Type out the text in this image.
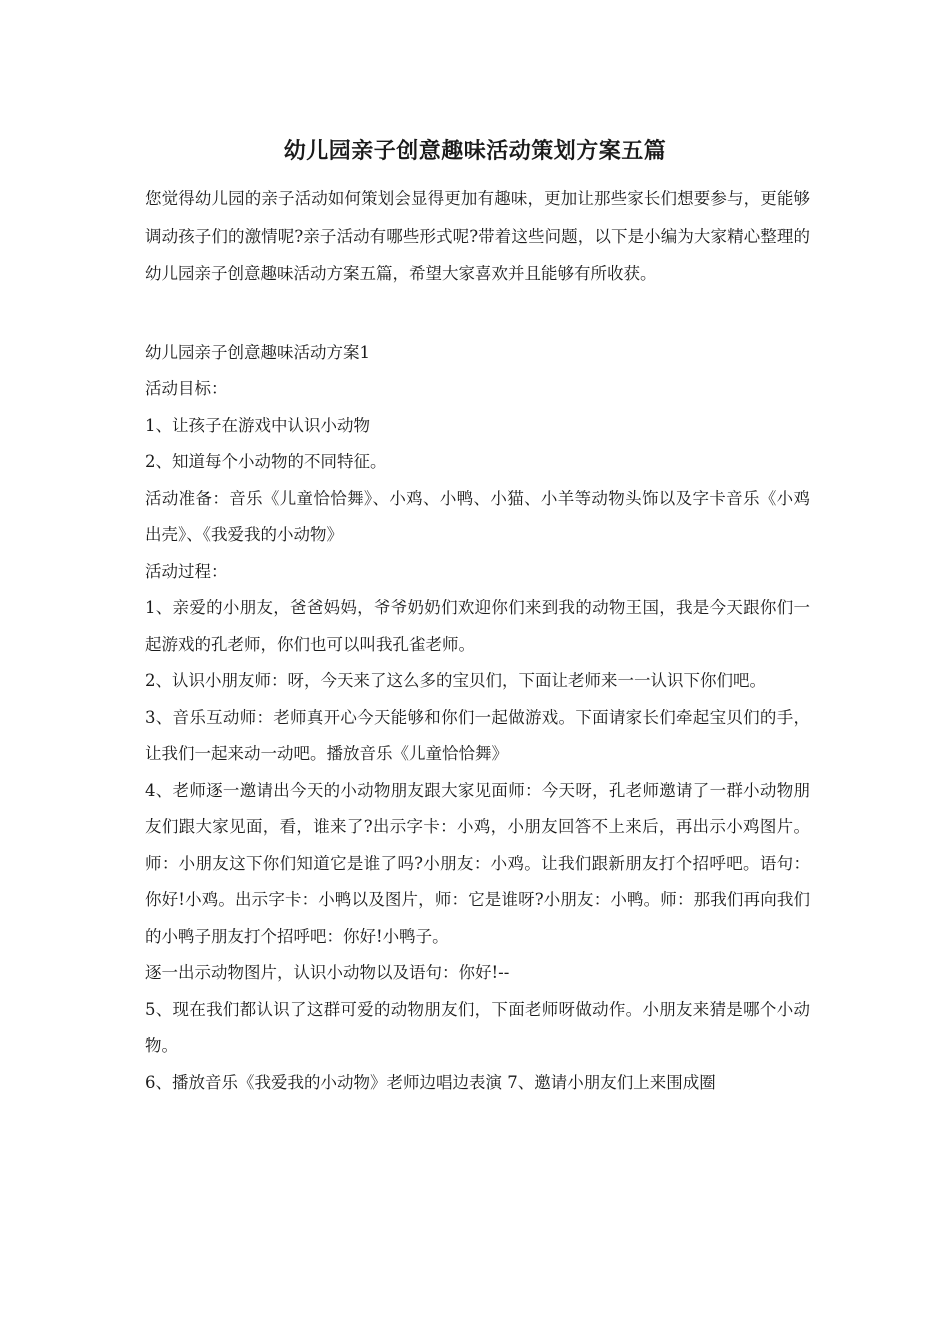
幼儿园亲子创意趣味活动策划方案五篇

您觉得幼儿园的亲子活动如何策划会显得更加有趣味，更加让那些家长们想要参与，更能够调动孩子们的激情呢?亲子活动有哪些形式呢?带着这些问题，以下是小编为大家精心整理的幼儿园亲子创意趣味活动方案五篇，希望大家喜欢并且能够有所收获。

幼儿园亲子创意趣味活动方案1

活动目标：

1、让孩子在游戏中认识小动物

2、知道每个小动物的不同特征。

活动准备：音乐《儿童恰恰舞》、小鸡、小鸭、小猫、小羊等动物头饰以及字卡音乐《小鸡出壳》、《我爱我的小动物》

活动过程：

1、亲爱的小朋友，爸爸妈妈，爷爷奶奶们欢迎你们来到我的动物王国，我是今天跟你们一起游戏的孔老师，你们也可以叫我孔雀老师。

2、认识小朋友师：呀，今天来了这么多的宝贝们，下面让老师来一一认识下你们吧。

3、音乐互动师：老师真开心今天能够和你们一起做游戏。下面请家长们牵起宝贝们的手，让我们一起来动一动吧。播放音乐《儿童恰恰舞》

4、老师逐一邀请出今天的小动物朋友跟大家见面师：今天呀，孔老师邀请了一群小动物朋友们跟大家见面，看，谁来了?出示字卡：小鸡，小朋友回答不上来后，再出示小鸡图片。师：小朋友这下你们知道它是谁了吗?小朋友：小鸡。让我们跟新朋友打个招呼吧。语句：你好!小鸡。出示字卡：小鸭以及图片，师：它是谁呀?小朋友：小鸭。师：那我们再向我们的小鸭子朋友打个招呼吧：你好!小鸭子。

逐一出示动物图片，认识小动物以及语句：你好!--

5、现在我们都认识了这群可爱的动物朋友们，下面老师呀做动作。小朋友来猜是哪个小动物。

6、播放音乐《我爱我的小动物》老师边唱边表演 7、邀请小朋友们上来围成圈
